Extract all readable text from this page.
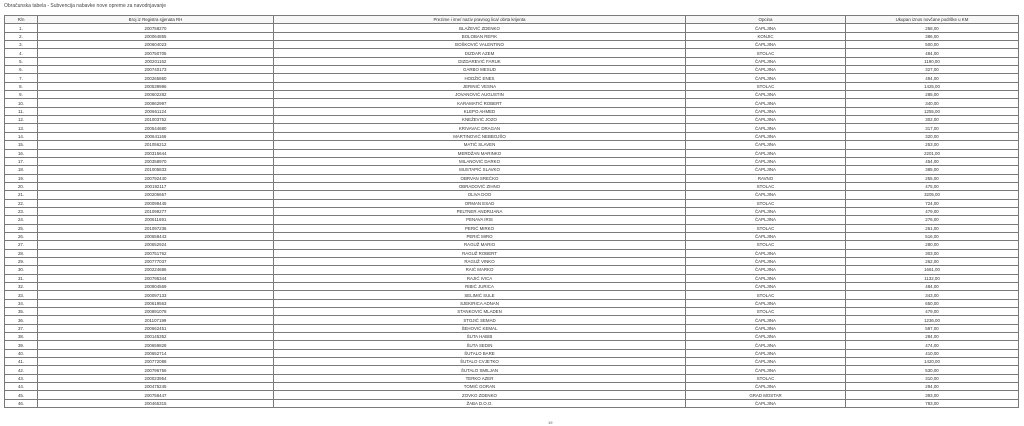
Obračunska tabela - Subvencija nabavke nove opreme za navodnjavanje
R/n	Broj iz Registra sjjenata RH	Prezime i ime/ naziv pravnog lica/ obrta krijenta	Opcina	Ukupan iznos novčane podrške u KM
1.	200758270	BLAŽEVIĆ ZDENKO	ČAPLJINA	258,00
2.	200064855	BOLOBAN REFIK	KONJIC	386,00
3.	200604023	BOŠKOVIĆ VALENTINO	ČAPLJINA	500,00
4.	200750705	DIZDAR AZEM	STOLAC	484,00
5.	200201152	DIZDAREVIĆ FARUK	ČAPLJINA	1190,00
6.	200740173	GARBO MESUD	ČAPLJINA	327,00
7.	200265860	HODŽIĆ ENES	ČAPLJINA	494,00
8.	200539986	JERINIĆ VESNA	STOLAC	1425,00
9.	200602282	JOVANOVIĆ AUGUSTIN	ČAPLJINA	285,00
10.	200862997	KARAMATIĆ ROBERT	ČAPLJINA	340,00
11.	200661124	KLEPO AHMED	ČAPLJINA	1255,00
12.	201003752	KNEŽEVIĆ JOZO	ČAPLJINA	302,00
13.	200544680	KRIVAVAC DRAGAN	ČAPLJINA	317,00
14.	200641166	MARTINOVIĆ NEBBOJŠO	ČAPLJINA	320,00
15.	201056212	MATIĆ SLAVEN	ČAPLJINA	253,00
16.	200315644	MERDŽAN MARINKO	ČAPLJINA	2201,00
17.	200358970	MILANOVIĆ DARKO	ČAPLJINA	454,00
18.	201005833	MUSTAPIĆ SLAVKO	ČAPLJINA	385,00
19.	200792440	OBRVAN SREĆKO	RAVNO	255,00
20.	200192117	OBRADOVIĆ ZIHNO	STOLAC	475,00
21.	200206667	OLIVA DOO	ČAPLJINA	3205,00
22.	200099445	ORMAN ESAD	STOLAC	724,00
23.	201099277	PELTNER ANDRIJANA	ČAPLJINA	479,00
24.	200611691	PENAVA IRIS	ČAPLJINA	276,00
25.	201097236	PERIĆ MIRKO	STOLAC	261,00
26.	200658443	PERIĆ MIRO	ČAPLJINA	516,00
27.	200652924	RAGUŽ MARIO	STOLAC	280,00
28.	200751762	RAGUŽ ROBERT	ČAPLJINA	303,00
29.	200777037	RAGUŽ VINKO	ČAPLJINA	262,00
30.	200224686	RAIĆ MARKO	ČAPLJINA	1661,00
31.	200795344	RAJIĆ IVICA	ČAPLJINA	1132,00
32.	200904569	RIBIĆ JURICA	ČAPLJINA	484,00
33.	200097133	SELIMIĆ SULE	STOLAC	343,00
34.	200619563	SJEKIRICA ADNAN	ČAPLJINA	650,00
35.	200891078	STANKOVIĆ MLADEN	STOLAC	479,00
36.	201107199	STOJIĆ SEMAD	ČAPLJINA	1236,00
37.	200662451	ŠEHOVIĆ KEMAL	ČAPLJINA	597,00
38.	200145352	ŠUTA HABIB	ČAPLJINA	284,00
39.	200659828	ŠUTA SEDIN	ČAPLJINA	474,00
40.	200652714	ŠUTALO BARE	ČAPLJINA	410,00
41.	200772088	ŠUTALO CVJETKO	ČAPLJINA	1420,00
42.	200796756	ŠUTALO SMILJAN	ČAPLJINA	530,00
43.	200023954	TERKO AZER	STOLAC	310,00
44.	200475245	TOMIĆ GORAN	ČAPLJINA	294,00
45.	200758447	ZOVKO ZDENKO	GRAD MOSTAR	393,00
46.	200465315	ŽABA D.O.O.	ČAPLJINA	783,00
19
